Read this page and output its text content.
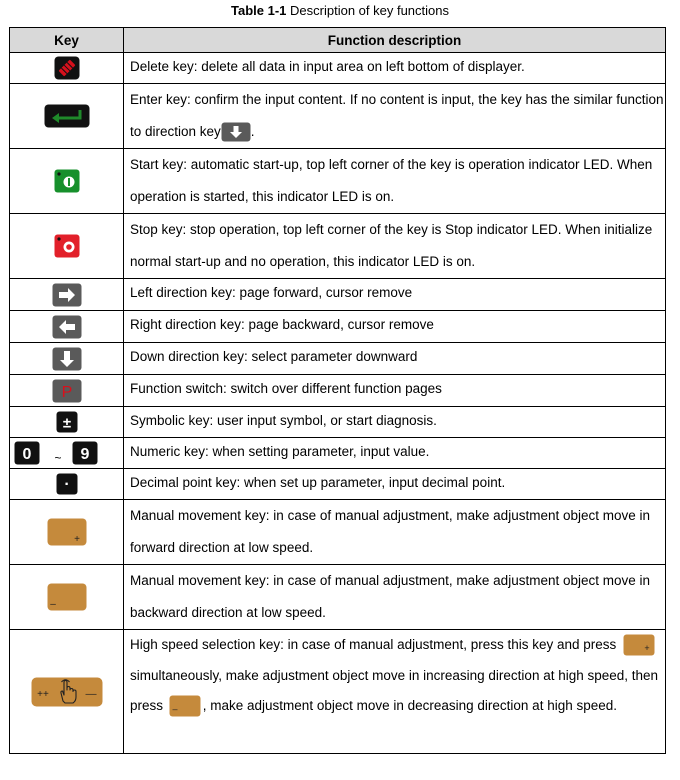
Table 1-1 Description of key functions
Key	Function description

	Delete key: delete all data in input area on left bottom of displayer.

	Enter key: confirm the input content. If no content is input, the key has the similar function to direction key .

	Start key: automatic start-up, top left corner of the key is operation indicator LED. When operation is started, this indicator LED is on.

	Stop key: stop operation, top left corner of the key is Stop indicator LED. When initialize normal start-up and no operation, this indicator LED is on.

	Left direction key: page forward, cursor remove

	Right direction key: page backward, cursor remove

	Down direction key: select parameter downward

P	Function switch: switch over different function pages

±	Symbolic key: user input symbol, or start diagnosis.

0 ~ 9	Numeric key: when setting parameter, input value.

·	Decimal point key: when set up parameter, input decimal point.

+	Manual movement key: in case of manual adjustment, make adjustment object move in forward direction at low speed.

–	Manual movement key: in case of manual adjustment, make adjustment object move in backward direction at low speed.

++ ––	High speed selection key: in case of manual adjustment, press this key and press +
simultaneously, make adjustment object move in increasing direction at high speed, then press – , make adjustment object move in decreasing direction at high speed.
